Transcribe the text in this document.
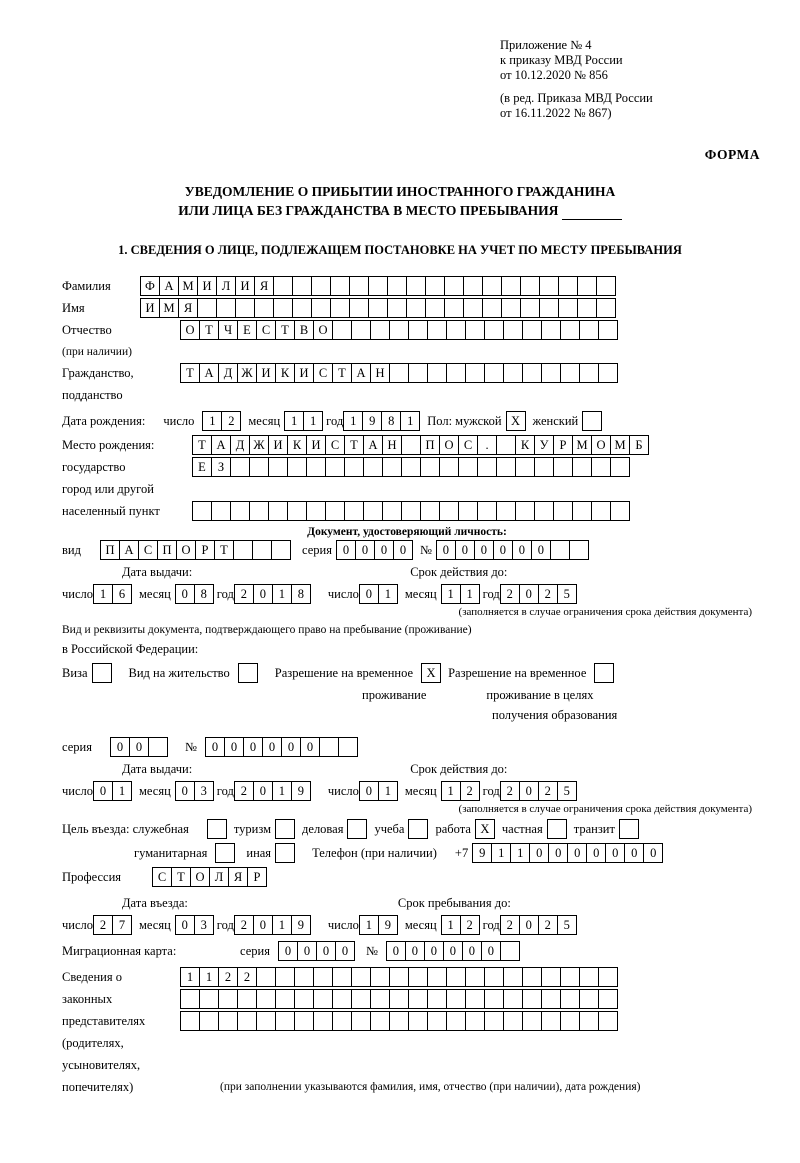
Приложение № 4
к приказу МВД России
от 10.12.2020 № 856
(в ред. Приказа МВД России
от 16.11.2022 № 867)
ФОРМА
УВЕДОМЛЕНИЕ О ПРИБЫТИИ ИНОСТРАННОГО ГРАЖДАНИНА
ИЛИ ЛИЦА БЕЗ ГРАЖДАНСТВА В МЕСТО ПРЕБЫВАНИЯ
1. СВЕДЕНИЯ О ЛИЦЕ, ПОДЛЕЖАЩЕМ ПОСТАНОВКЕ НА УЧЕТ ПО МЕСТУ ПРЕБЫВАНИЯ
Фамилия	Ф А М И Л И Я
Имя	И М Я
Отчество	О Т Ч Е С Т В О
(при наличии)
Гражданство,	Т А Д Ж И К И С Т А Н
подданство
Дата рождения: число	1	2	месяц 1	1 год 1	9	8	1	Пол: мужской Х женский
Место рождения:	Т А Д Ж И К И С Т А Н	П О С	.	К У Р М О М Б
государство	Е З
город или другой
населенный пункт
Документ, удостоверяющий личность:
вид	П А С П О Р Т	серия 0	0	0	0	№ 0	0	0	0	0	0
Дата выдачи:	Срок действия до:
число 1	6	месяц 0	8 год 2	0	1	8	число 0	1	месяц 1	1 год 2	0	2	5
(заполняется в случае ограничения срока действия документа)
Вид и реквизиты документа, подтверждающего право на пребывание (проживание)
в Российской Федерации:
Виза	Вид на жительство	Разрешение на временное	Х Разрешение на временное
проживание	проживание в целях
получения образования
серия	0	0	№	0	0	0	0	0	0
Дата выдачи:	Срок действия до:
число 0	1	месяц 0	3 год 2	0	1	9	число 0	1	месяц 1	2 год 2	0	2	5
(заполняется в случае ограничения срока действия документа)
Цель въезда: служебная	туризм деловая учеба работа Х частная транзит
гуманитарная	иная	Телефон (при наличии) +7 9	1	1	0	0	0	0	0	0	0
Профессия	С Т О Л Я Р
Дата въезда:	Срок пребывания до:
число 2	7	месяц 0	3 год 2	0	1	9	число 1	9	месяц 1	2 год 2	0	2	5
Миграционная карта:	серия	0	0	0	0	№	0	0	0	0	0	0
Сведения о	1	1	2	2
законных
представителях
(родителях,
усыновителях,
попечителях)	(при заполнении указываются фамилия, имя, отчество (при наличии), дата рождения)
